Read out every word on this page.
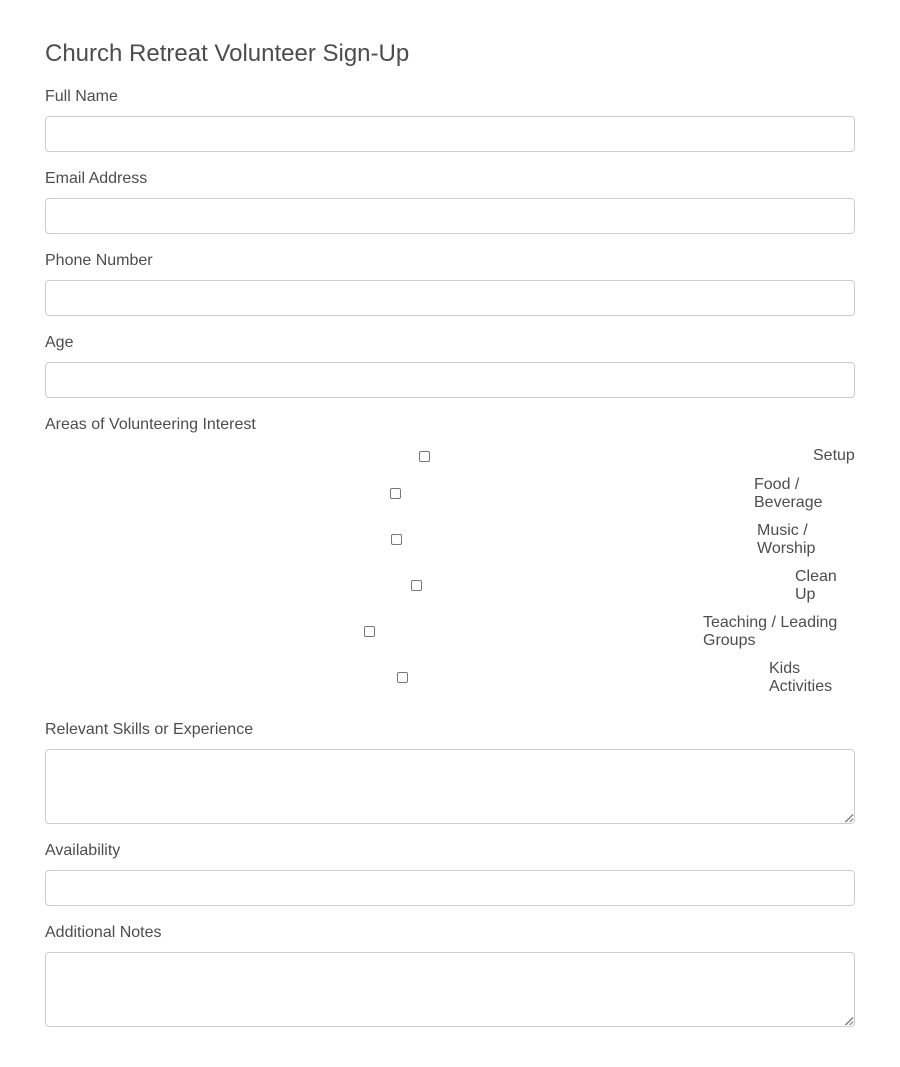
Church Retreat Volunteer Sign-Up
Full Name
Email Address
Phone Number
Age
Areas of Volunteering Interest
Setup
Food /
Beverage
Music /
Worship
Clean
Up
Teaching / Leading
Groups
Kids
Activities
Relevant Skills or Experience
Availability
Additional Notes
